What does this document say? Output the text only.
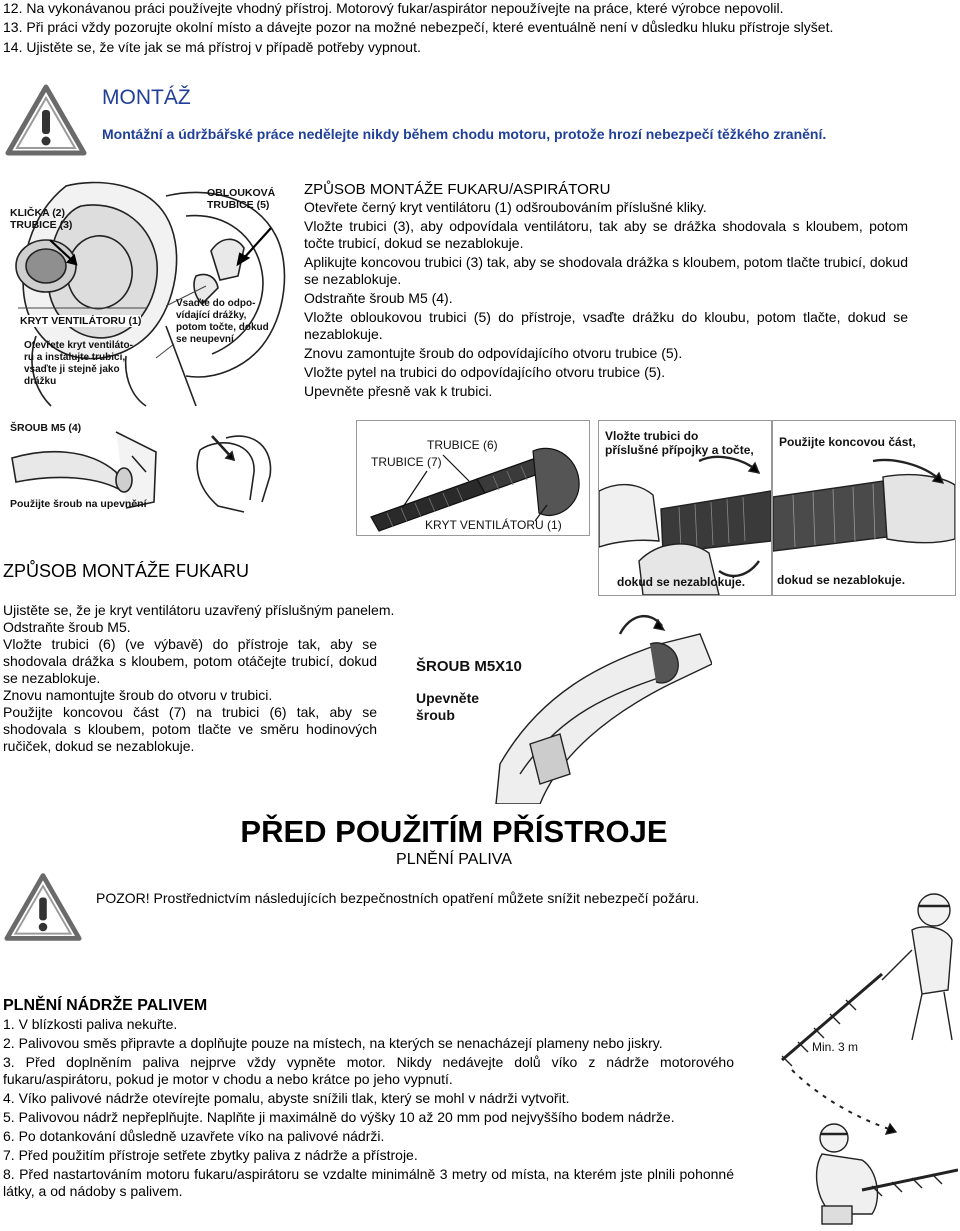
12. Na vykonávanou práci používejte vhodný přístroj. Motorový fukar/aspirátor nepoužívejte na práce, které výrobce nepovolil.

13. Při práci vždy pozorujte okolní místo a dávejte pozor na možné nebezpečí, které eventuálně není v důsledku hluku přístroje slyšet.

14. Ujistěte se, že víte jak se má přístroj v případě potřeby vypnout.

MONTÁŽ
Montážní a údržbářské práce nedělejte nikdy během chodu motoru, protože hrozí nebezpečí těžkého zranění.
KLIČKA (2)
TRUBICE (3)
OBLOUKOVÁ
TRUBICE (5)
KRYT VENTILÁTORU (1)
Otevřete kryt ventiláto-
ru a instalujte trubici,
vsaďte ji stejně jako
drážku
Vsaďte do odpo-
vídající drážky,
potom točte, dokud
se neupevní
ŠROUB M5 (4)
Použijte šroub na upevnění
ZPŮSOB MONTÁŽE FUKARU/ASPIRÁTORU

Otevřete černý kryt ventilátoru (1) odšroubováním příslušné kliky.

Vložte trubici (3), aby odpovídala ventilátoru, tak aby se drážka shodovala s kloubem, potom točte trubicí, dokud se nezablokuje.

Aplikujte koncovou trubici (3) tak, aby se shodovala drážka s kloubem, potom tlačte trubicí, dokud se nezablokuje.

Odstraňte šroub M5 (4).

Vložte obloukovou trubici (5) do přístroje, vsaďte drážku do kloubu, potom tlačte, dokud se nezablokuje.

Znovu zamontujte šroub do odpovídajícího otvoru trubice (5).

Vložte pytel na trubici do odpovídajícího otvoru trubice (5).

Upevněte přesně vak k trubici.

TRUBICE (6)
TRUBICE (7)
KRYT VENTILÁTORU (1)
Vložte trubici do
příslušné přípojky a točte,
dokud se nezablokuje.
Použijte koncovou část,
dokud se nezablokuje.
ZPŮSOB MONTÁŽE FUKARU

Ujistěte se, že je kryt ventilátoru uzavřený příslušným panelem.

Odstraňte šroub M5.

Vložte trubici (6) (ve výbavě) do přístroje tak, aby se shodovala drážka s kloubem, potom otáčejte trubicí, dokud se nezablokuje.

Znovu namontujte šroub do otvoru v trubici.

Použijte koncovou část (7) na trubici (6) tak, aby se shodovala s kloubem, potom tlačte ve směru hodinových ručiček, dokud se nezablokuje.

ŠROUB M5X10
Upevněte
šroub
PŘED POUŽITÍM PŘÍSTROJE
PLNĚNÍ PALIVA

POZOR! Prostřednictvím následujících bezpečnostních opatření můžete snížit nebezpečí požáru.

Min. 3 m
PLNĚNÍ NÁDRŽE PALIVEM

1. V blízkosti paliva nekuřte.

2. Palivovou směs připravte a doplňujte pouze na místech, na kterých se nenacházejí plameny nebo jiskry.

3. Před doplněním paliva nejprve vždy vypněte motor. Nikdy nedávejte dolů víko z nádrže motorového fukaru/aspirátoru, pokud je motor v chodu a nebo krátce po jeho vypnutí.

4. Víko palivové nádrže otevírejte pomalu, abyste snížili tlak, který se mohl v nádrži vytvořit.

5. Palivovou nádrž nepřeplňujte. Naplňte ji maximálně do výšky 10 až 20 mm pod nejvyššího bodem nádrže.

6. Po dotankování důsledně uzavřete víko na palivové nádrži.

7. Před použitím přístroje setřete zbytky paliva z nádrže a přístroje.

8. Před nastartováním motoru fukaru/aspirátoru se vzdalte minimálně 3 metry od místa, na kterém jste plnili pohonné látky, a od nádoby s palivem.
